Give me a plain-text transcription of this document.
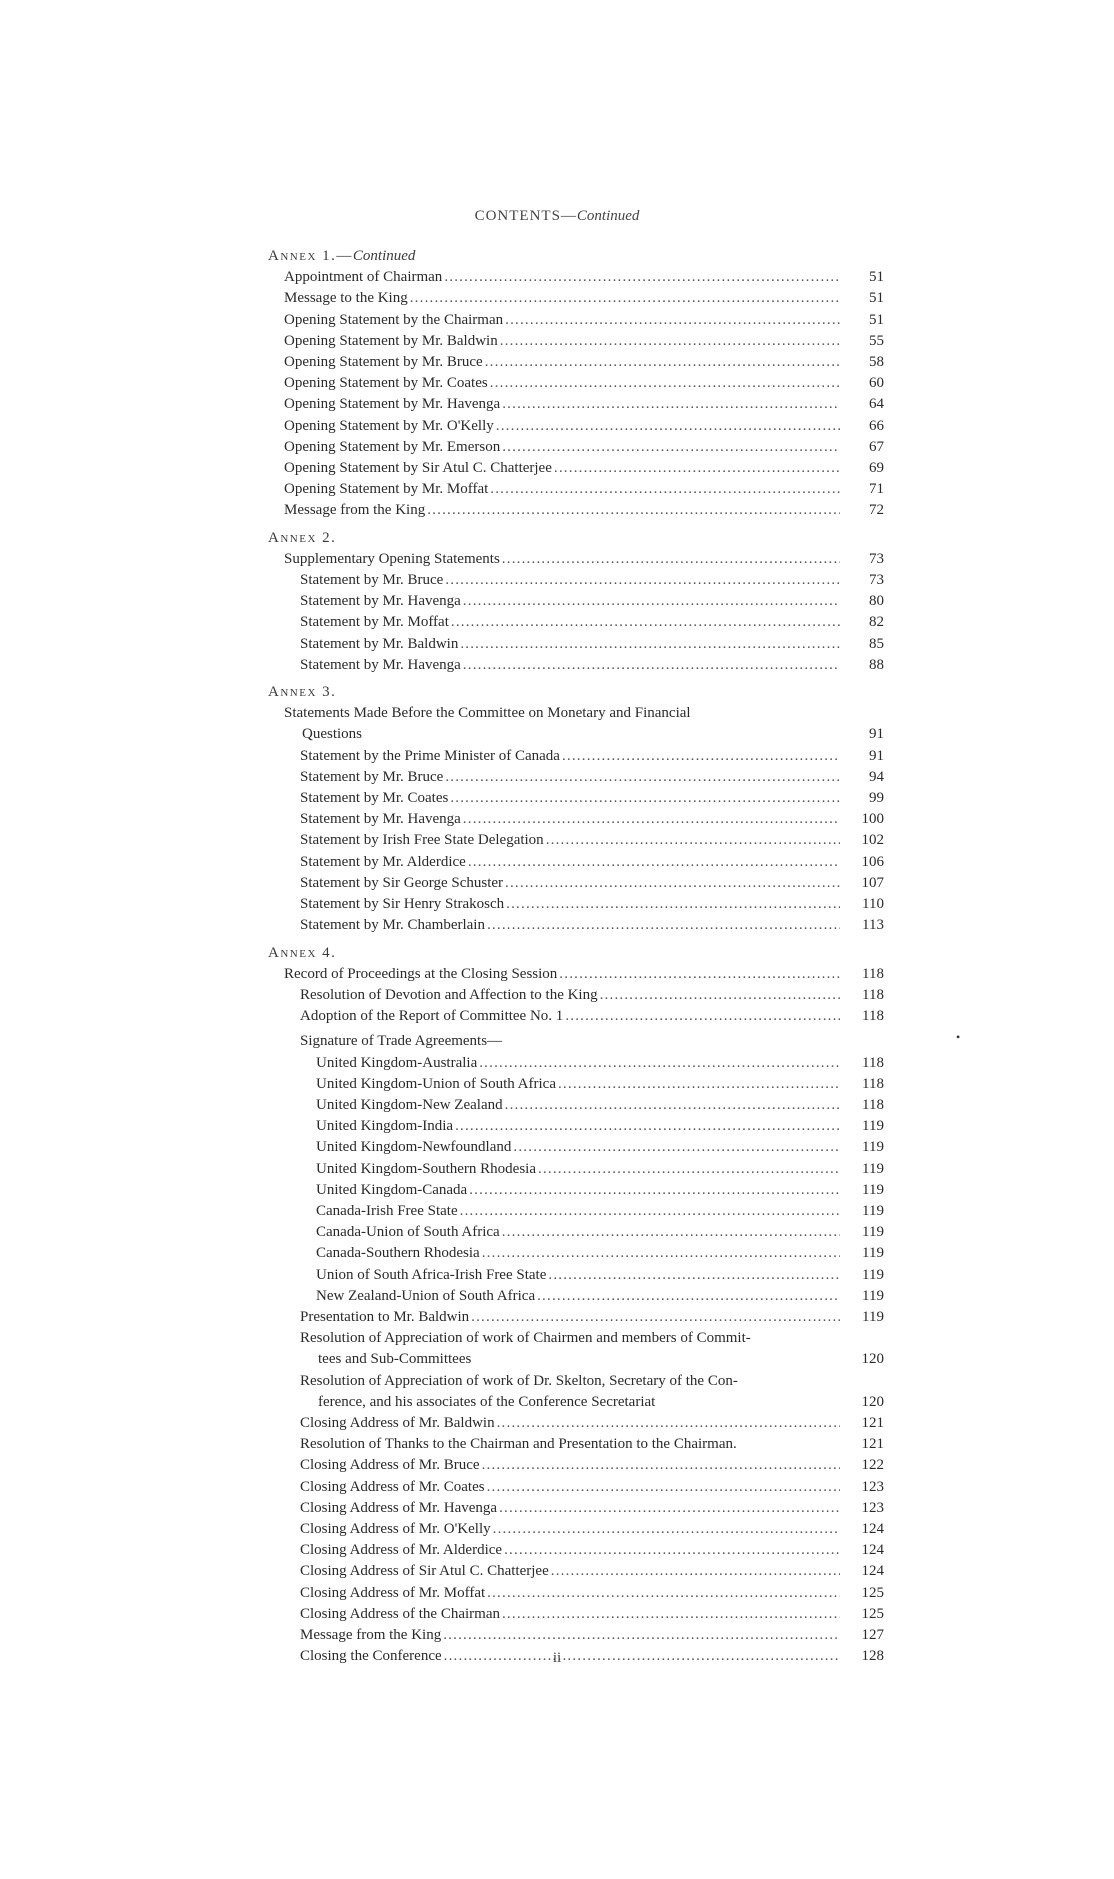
CONTENTS—Continued
Annex 1.—Continued
Appointment of Chairman .....	51
Message to the King .....	51
Opening Statement by the Chairman .....	51
Opening Statement by Mr. Baldwin .....	55
Opening Statement by Mr. Bruce .....	58
Opening Statement by Mr. Coates .....	60
Opening Statement by Mr. Havenga .....	64
Opening Statement by Mr. O'Kelly .....	66
Opening Statement by Mr. Emerson .....	67
Opening Statement by Sir Atul C. Chatterjee .....	69
Opening Statement by Mr. Moffat .....	71
Message from the King .....	72
Annex 2.
Supplementary Opening Statements .....	73
Statement by Mr. Bruce .....	73
Statement by Mr. Havenga .....	80
Statement by Mr. Moffat .....	82
Statement by Mr. Baldwin .....	85
Statement by Mr. Havenga .....	88
Annex 3.
Statements Made Before the Committee on Monetary and Financial
Questions	91
Statement by the Prime Minister of Canada .....	91
Statement by Mr. Bruce .....	94
Statement by Mr. Coates .....	99
Statement by Mr. Havenga .....	100
Statement by Irish Free State Delegation .....	102
Statement by Mr. Alderdice .....	106
Statement by Sir George Schuster .....	107
Statement by Sir Henry Strakosch .....	110
Statement by Mr. Chamberlain .....	113
Annex 4.
Record of Proceedings at the Closing Session .....	118
Resolution of Devotion and Affection to the King .....	118
Adoption of the Report of Committee No. 1 .....	118
Signature of Trade Agreements—
United Kingdom-Australia .....	118
United Kingdom-Union of South Africa .....	118
United Kingdom-New Zealand .....	118
United Kingdom-India .....	119
United Kingdom-Newfoundland .....	119
United Kingdom-Southern Rhodesia .....	119
United Kingdom-Canada .....	119
Canada-Irish Free State .....	119
Canada-Union of South Africa .....	119
Canada-Southern Rhodesia .....	119
Union of South Africa-Irish Free State .....	119
New Zealand-Union of South Africa .....	119
Presentation to Mr. Baldwin .....	119
Resolution of Appreciation of work of Chairmen and members of Commit-
tees and Sub-Committees	120
Resolution of Appreciation of work of Dr. Skelton, Secretary of the Con-
ference, and his associates of the Conference Secretariat	120
Closing Address of Mr. Baldwin .....	121
Resolution of Thanks to the Chairman and Presentation to the Chairman.	121
Closing Address of Mr. Bruce .....	122
Closing Address of Mr. Coates .....	123
Closing Address of Mr. Havenga .....	123
Closing Address of Mr. O'Kelly .....	124
Closing Address of Mr. Alderdice .....	124
Closing Address of Sir Atul C. Chatterjee .....	124
Closing Address of Mr. Moffat .....	125
Closing Address of the Chairman .....	125
Message from the King .....	127
Closing the Conference .....	128
•
ii
